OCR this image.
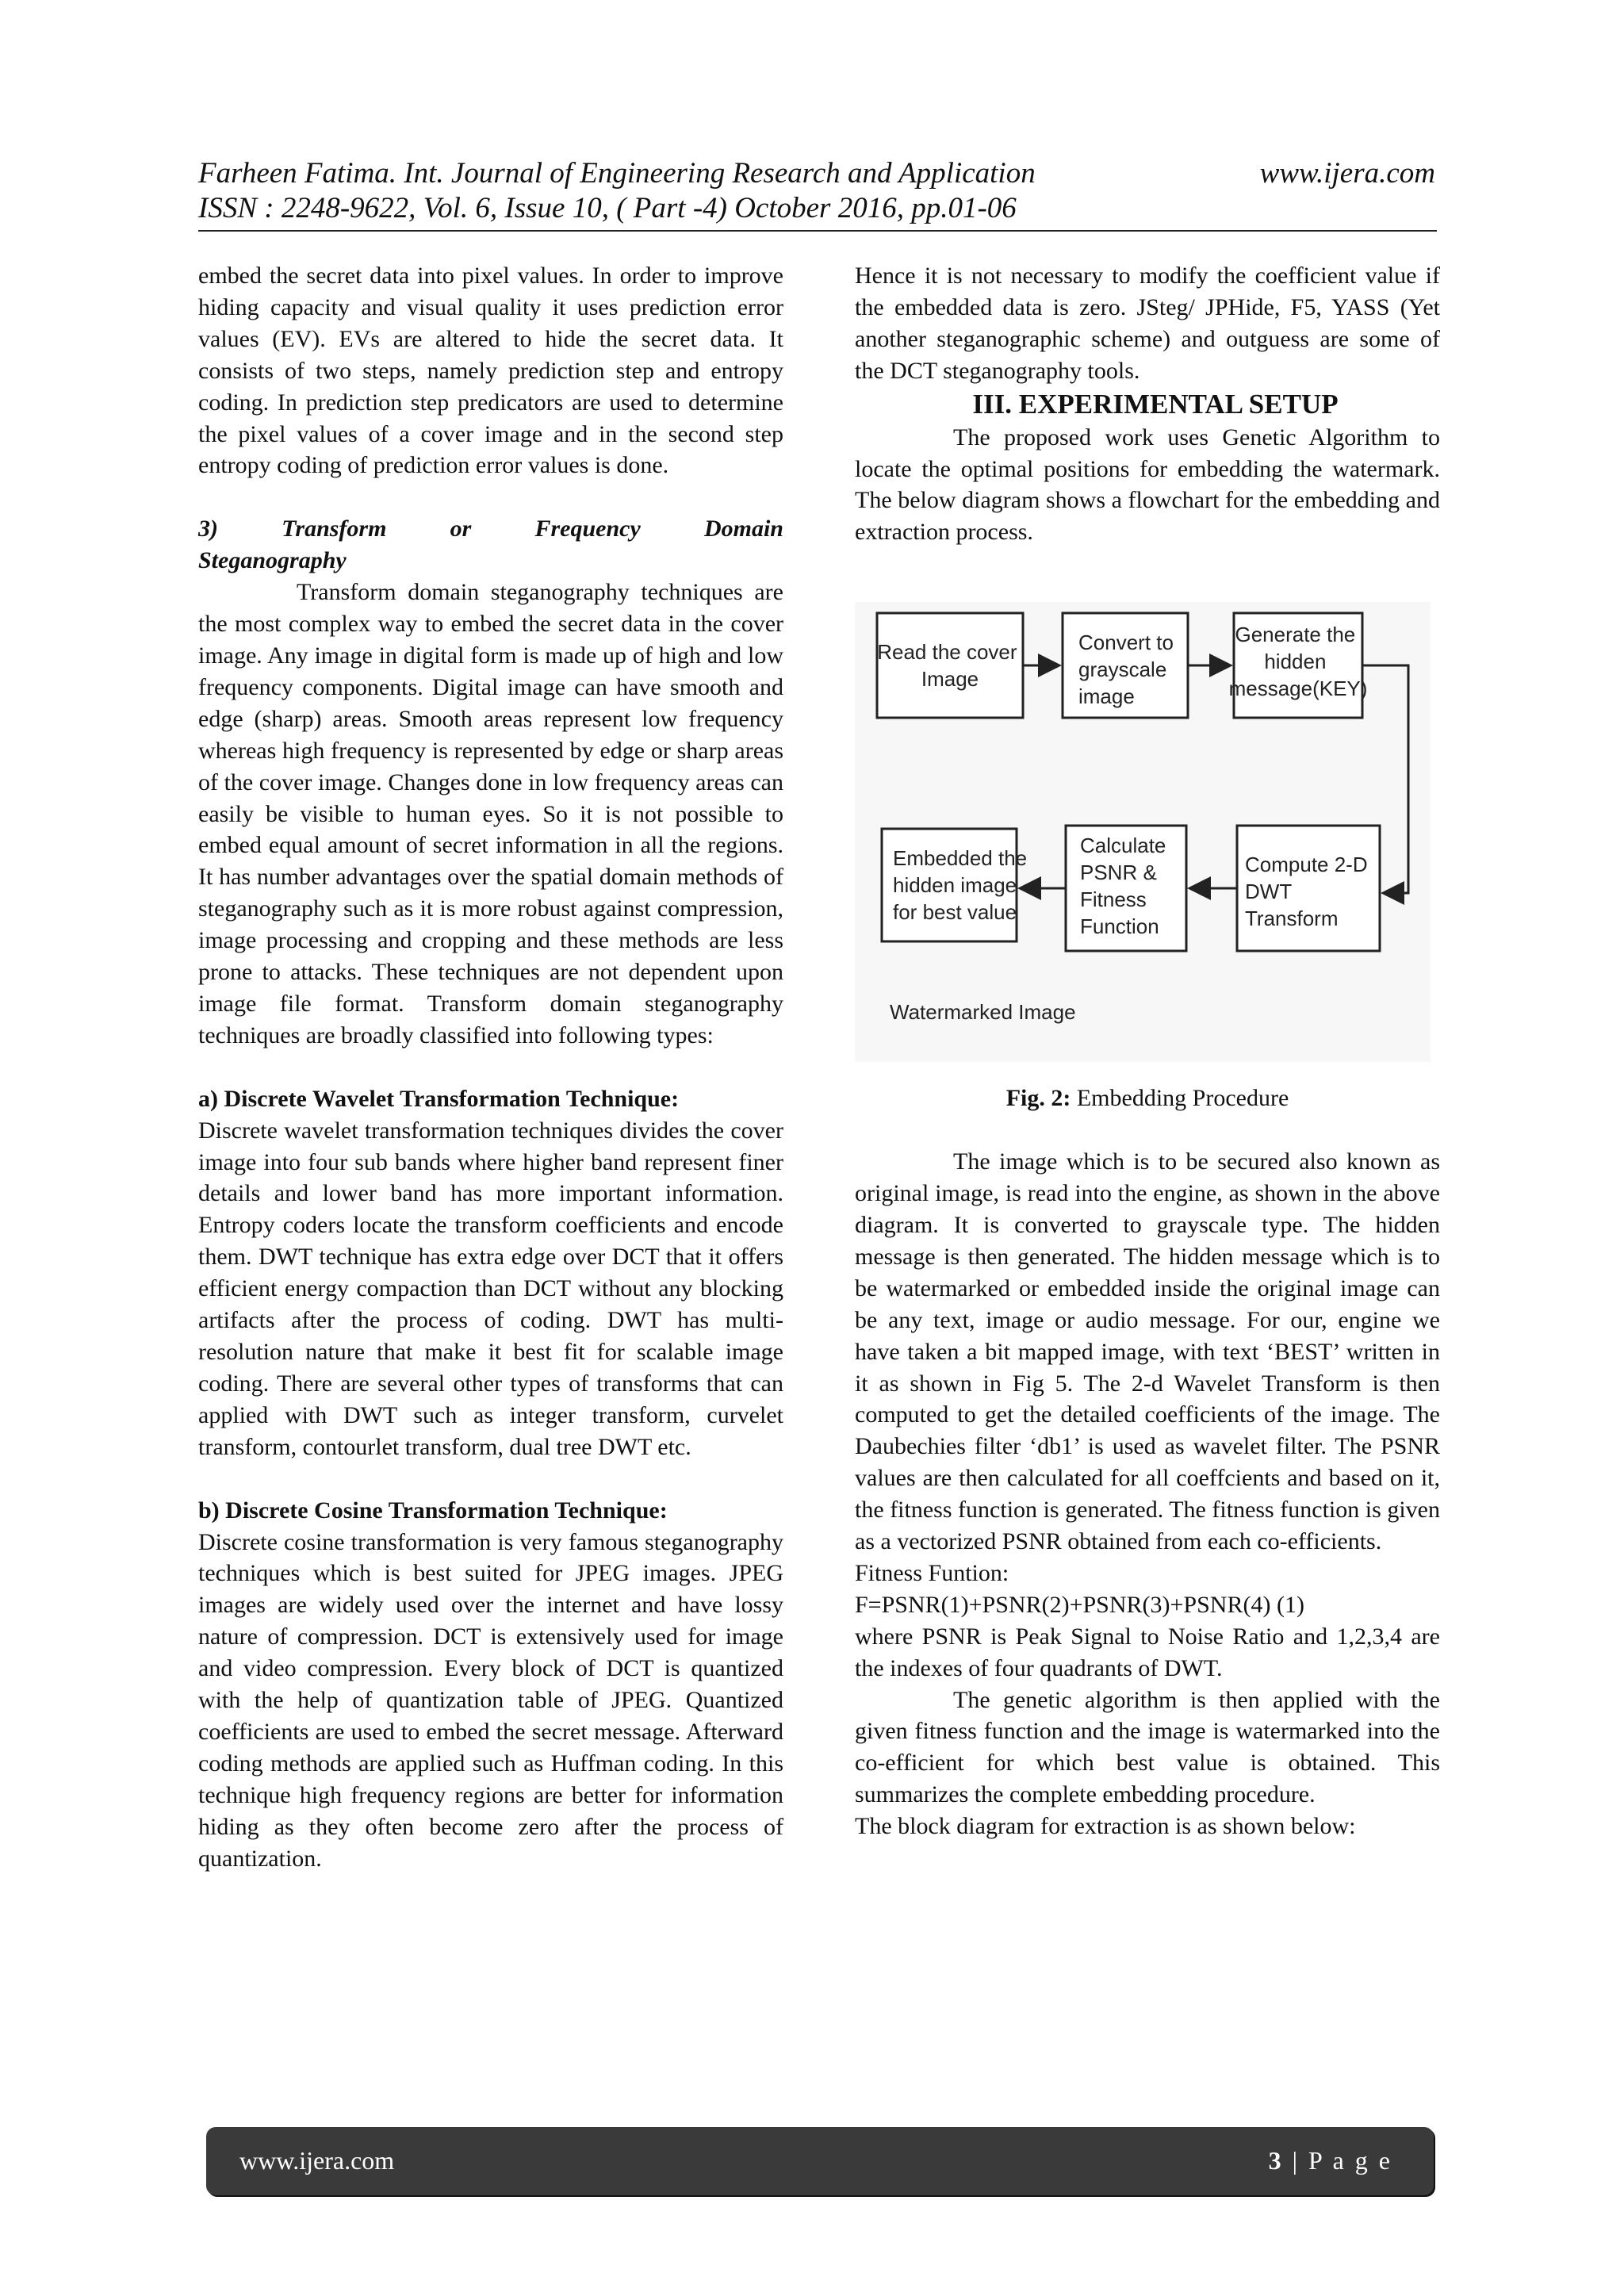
Farheen Fatima. Int. Journal of Engineering Research and Application	www.ijera.com
ISSN : 2248-9622, Vol. 6, Issue 10, ( Part -4) October 2016, pp.01-06

embed the secret data into pixel values. In order to improve hiding capacity and visual quality it uses prediction error values (EV). EVs are altered to hide the secret data. It consists of two steps, namely prediction step and entropy coding. In prediction step predicators are used to determine the pixel values of a cover image and in the second step entropy coding of prediction error values is done.

3) Transform or Frequency Domain

Steganography

Transform domain steganography techniques are the most complex way to embed the secret data in the cover image. Any image in digital form is made up of high and low frequency components. Digital image can have smooth and edge (sharp) areas. Smooth areas represent low frequency whereas high frequency is represented by edge or sharp areas of the cover image. Changes done in low frequency areas can easily be visible to human eyes. So it is not possible to embed equal amount of secret information in all the regions. It has number advantages over the spatial domain methods of steganography such as it is more robust against compression, image processing and cropping and these methods are less prone to attacks. These techniques are not dependent upon image file format. Transform domain steganography techniques are broadly classified into following types:

a) Discrete Wavelet Transformation Technique:

Discrete wavelet transformation techniques divides the cover image into four sub bands where higher band represent finer details and lower band has more important information. Entropy coders locate the transform coefficients and encode them. DWT technique has extra edge over DCT that it offers efficient energy compaction than DCT without any blocking artifacts after the process of coding. DWT has multi-resolution nature that make it best fit for scalable image coding. There are several other types of transforms that can applied with DWT such as integer transform, curvelet transform, contourlet transform, dual tree DWT etc.

b) Discrete Cosine Transformation Technique:

Discrete cosine transformation is very famous steganography techniques which is best suited for JPEG images. JPEG images are widely used over the internet and have lossy nature of compression. DCT is extensively used for image and video compression. Every block of DCT is quantized with the help of quantization table of JPEG. Quantized coefficients are used to embed the secret message. Afterward coding methods are applied such as Huffman coding. In this technique high frequency regions are better for information hiding as they often become zero after the process of quantization.

Hence it is not necessary to modify the coefficient value if the embedded data is zero. JSteg/ JPHide, F5, YASS (Yet another steganographic scheme) and outguess are some of the DCT steganography tools.

III. EXPERIMENTAL SETUP

The proposed work uses Genetic Algorithm to locate the optimal positions for embedding the watermark. The below diagram shows a flowchart for the embedding and extraction process.

Read the cover Image
Convert to grayscale image
Generate the hidden message(KEY)
Embedded the hidden image for best value
Calculate PSNR & Fitness Function
Compute 2-D DWT Transform
Watermarked Image

Fig. 2: Embedding Procedure

The image which is to be secured also known as original image, is read into the engine, as shown in the above diagram. It is converted to grayscale type. The hidden message is then generated. The hidden message which is to be watermarked or embedded inside the original image can be any text, image or audio message. For our, engine we have taken a bit mapped image, with text ‘BEST’ written in it as shown in Fig 5. The 2-d Wavelet Transform is then computed to get the detailed coefficients of the image. The Daubechies filter ‘db1’ is used as wavelet filter. The PSNR values are then calculated for all coeffcients and based on it, the fitness function is generated. The fitness function is given as a vectorized PSNR obtained from each co-efficients.

Fitness Funtion:

F=PSNR(1)+PSNR(2)+PSNR(3)+PSNR(4) (1)

where PSNR is Peak Signal to Noise Ratio and 1,2,3,4 are the indexes of four quadrants of DWT.

The genetic algorithm is then applied with the given fitness function and the image is watermarked into the co-efficient for which best value is obtained. This summarizes the complete embedding procedure.

The block diagram for extraction is as shown below:

www.ijera.com	3 | P a g e
